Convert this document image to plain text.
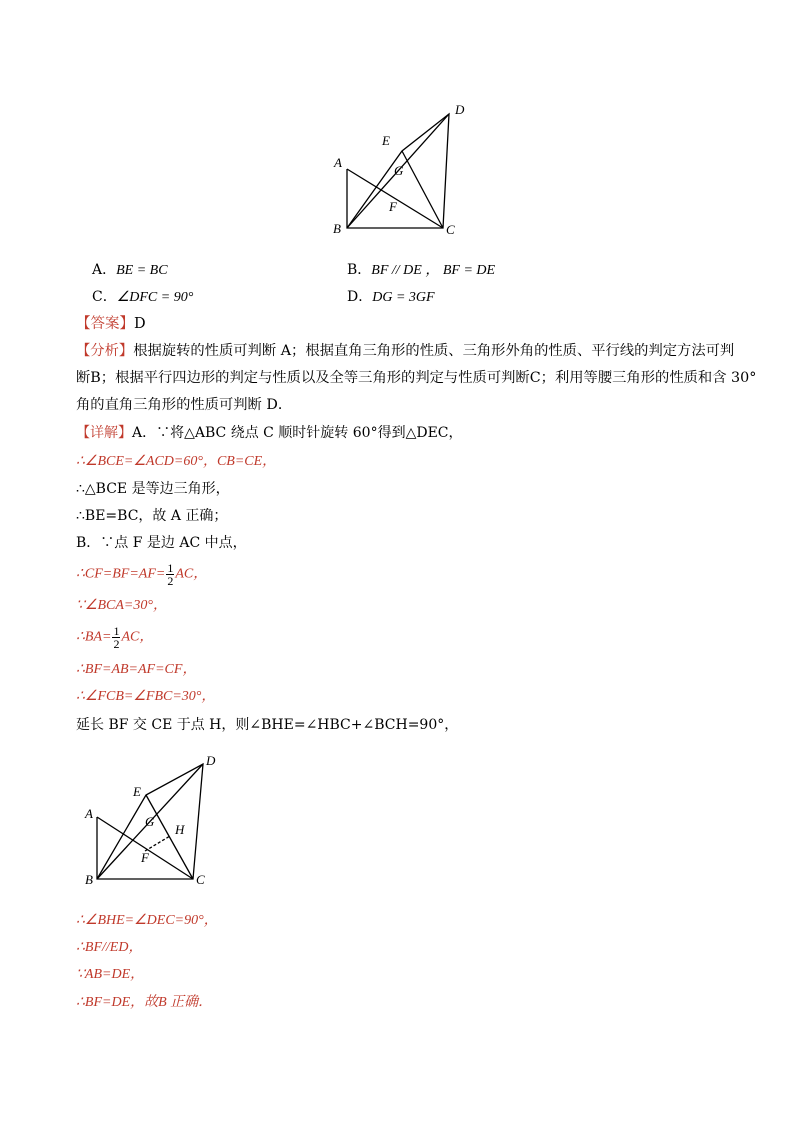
A
B	C
D
E
F
G
A．BE = BC	B．BF // DE ， BF = DE
C．∠DFC = 90°	D．DG = 3GF
【答案】D
【分析】根据旋转的性质可判断 A；根据直角三角形的性质、三角形外角的性质、平行线的判定方法可判
断B；根据平行四边形的判定与性质以及全等三角形的判定与性质可判断C；利用等腰三角形的性质和含 30°
角的直角三角形的性质可判断 D．
【详解】A．∵将△ABC 绕点 C 顺时针旋转 60°得到△DEC，
∴∠BCE=∠ACD=60°，CB=CE，
∴△BCE 是等边三角形，
∴BE=BC，故 A 正确；
B．∵点 F 是边 AC 中点，
∴CF=BF=AF= $\frac{1}{2}$ AC，
∵∠BCA=30°，
∴BA= $\frac{1}{2}$ AC，
∴BF=AB=AF=CF，
∴∠FCB=∠FBC=30°，
延长 BF 交 CE 于点 H，则∠BHE=∠HBC+∠BCH=90°，
A
B	C
D
E
F
G
H
∴∠BHE=∠DEC=90°，
∴BF//ED，
∵AB=DE，
∴BF=DE，故B 正确．
